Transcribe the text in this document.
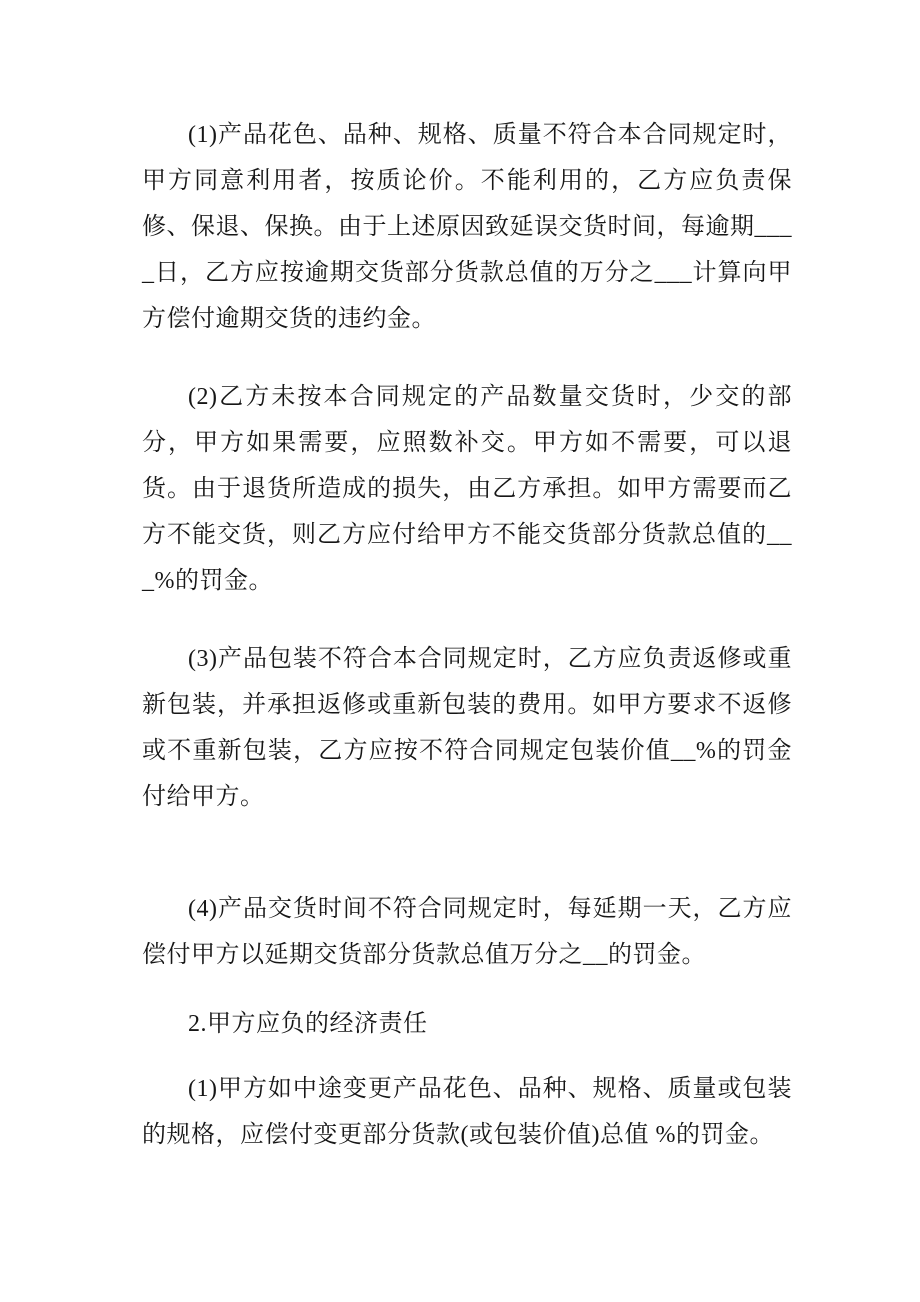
(1)产品花色、品种、规格、质量不符合本合同规定时，甲方同意利用者，按质论价。不能利用的，乙方应负责保修、保退、保换。由于上述原因致延误交货时间，每逾期____日，乙方应按逾期交货部分货款总值的万分之___计算向甲方偿付逾期交货的违约金。

(2)乙方未按本合同规定的产品数量交货时，少交的部分，甲方如果需要，应照数补交。甲方如不需要，可以退货。由于退货所造成的损失，由乙方承担。如甲方需要而乙方不能交货，则乙方应付给甲方不能交货部分货款总值的___%的罚金。

(3)产品包装不符合本合同规定时，乙方应负责返修或重新包装，并承担返修或重新包装的费用。如甲方要求不返修或不重新包装，乙方应按不符合同规定包装价值__%的罚金付给甲方。

(4)产品交货时间不符合同规定时，每延期一天，乙方应偿付甲方以延期交货部分货款总值万分之__的罚金。

2.甲方应负的经济责任

(1)甲方如中途变更产品花色、品种、规格、质量或包装的规格，应偿付变更部分货款(或包装价值)总值 %的罚金。
